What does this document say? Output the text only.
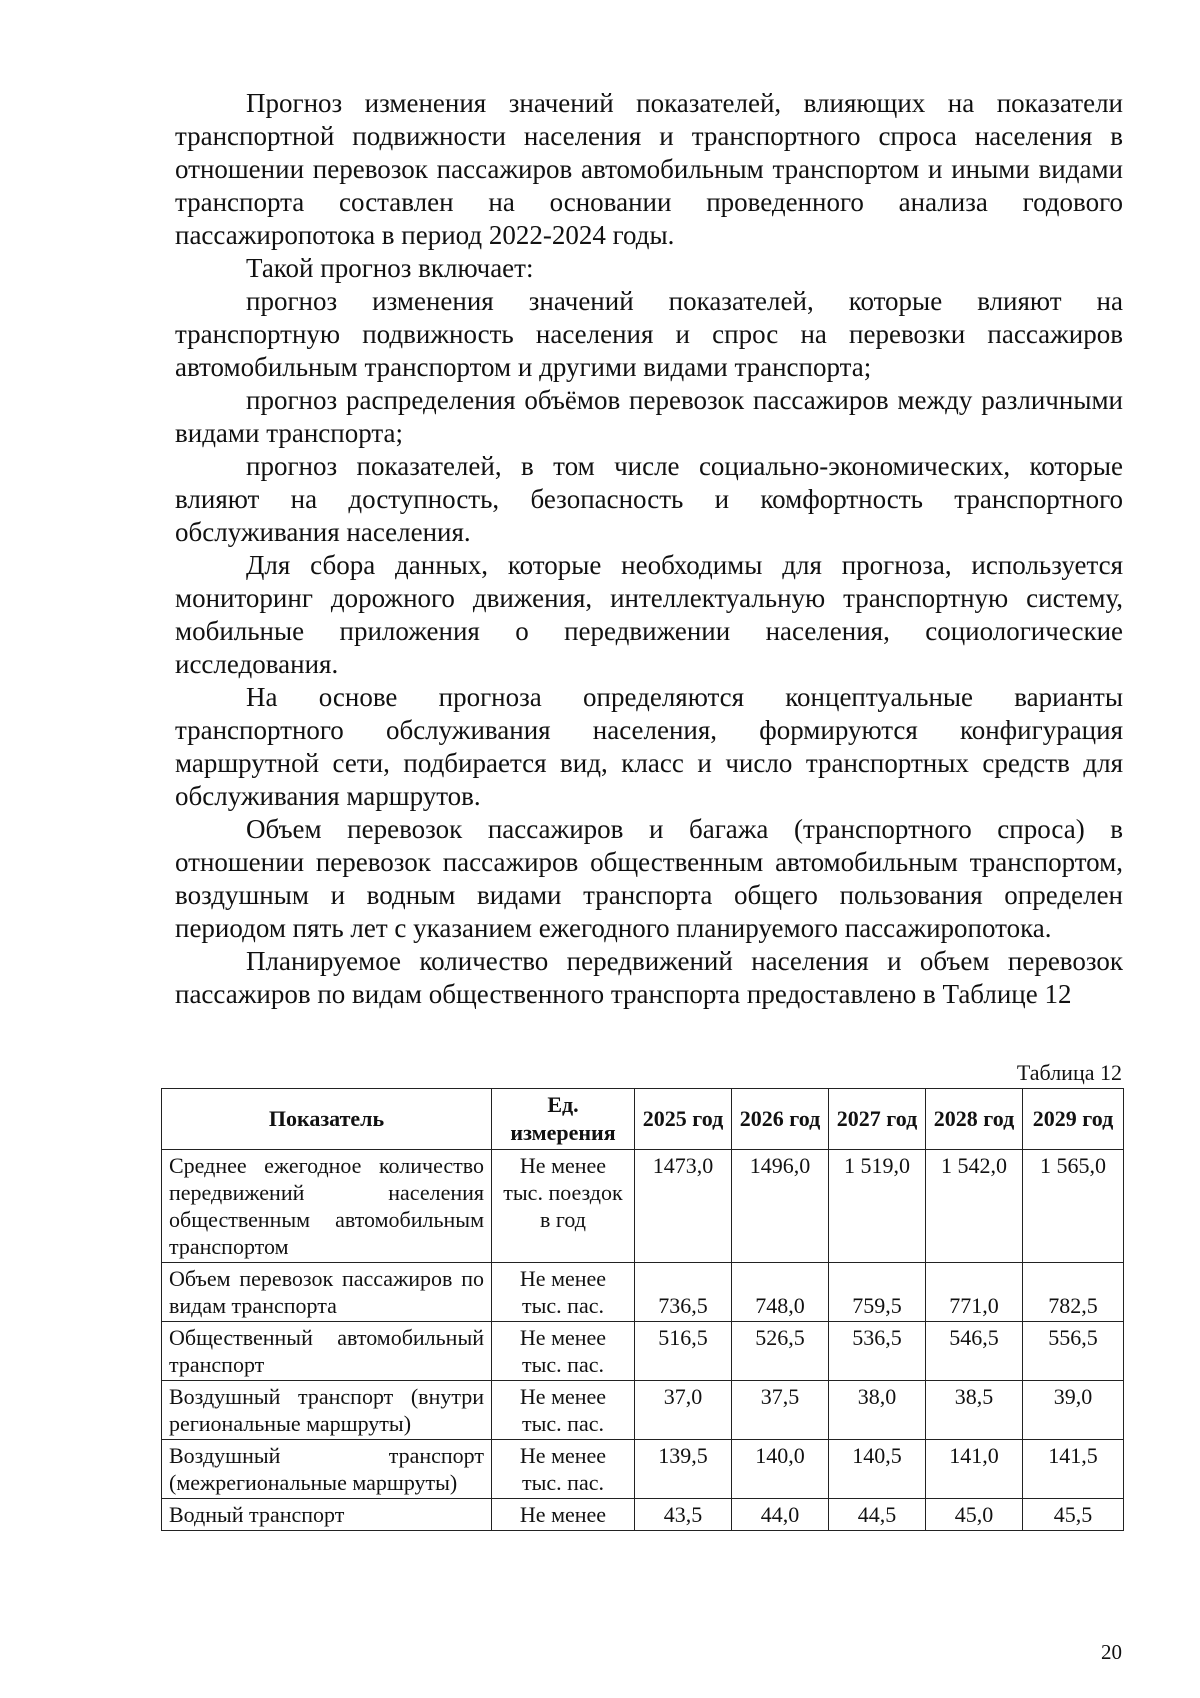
Прогноз изменения значений показателей, влияющих на показатели транспортной подвижности населения и транспортного спроса населения в отношении перевозок пассажиров автомобильным транспортом и иными видами транспорта составлен на основании проведенного анализа годового пассажиропотока в период 2022-2024 годы.

Такой прогноз включает:

прогноз изменения значений показателей, которые влияют на транспортную подвижность населения и спрос на перевозки пассажиров автомобильным транспортом и другими видами транспорта;

прогноз распределения объёмов перевозок пассажиров между различными видами транспорта;

прогноз показателей, в том числе социально-экономических, которые влияют на доступность, безопасность и комфортность транспортного обслуживания населения.

Для сбора данных, которые необходимы для прогноза, используется мониторинг дорожного движения, интеллектуальную транспортную систему, мобильные приложения о передвижении населения, социологические исследования.

На основе прогноза определяются концептуальные варианты транспортного обслуживания населения, формируются конфигурация маршрутной сети, подбирается вид, класс и число транспортных средств для обслуживания маршрутов.

Объем перевозок пассажиров и багажа (транспортного спроса) в отношении перевозок пассажиров общественным автомобильным транспортом, воздушным и водным видами транспорта общего пользования определен периодом пять лет с указанием ежегодного планируемого пассажиропотока.

Планируемое количество передвижений населения и объем перевозок пассажиров по видам общественного транспорта предоставлено в Таблице 12

Таблица 12
Показатель	Ед. измерения	2025 год	2026 год	2027 год	2028 год	2029 год
Среднее ежегодное количество передвижений населения общественным автомобильным транспортом	Не менее тыс. поездок в год	1473,0	1496,0	1 519,0	1 542,0	1 565,0
Объем перевозок пассажиров по видам транспорта	Не менее тыс. пас.	736,5	748,0	759,5	771,0	782,5
Общественный автомобильный транспорт	Не менее тыс. пас.	516,5	526,5	536,5	546,5	556,5
Воздушный транспорт (внутри региональные маршруты)	Не менее тыс. пас.	37,0	37,5	38,0	38,5	39,0
Воздушный транспорт (межрегиональные маршруты)	Не менее тыс. пас.	139,5	140,0	140,5	141,0	141,5
Водный транспорт	Не менее	43,5	44,0	44,5	45,0	45,5
20
